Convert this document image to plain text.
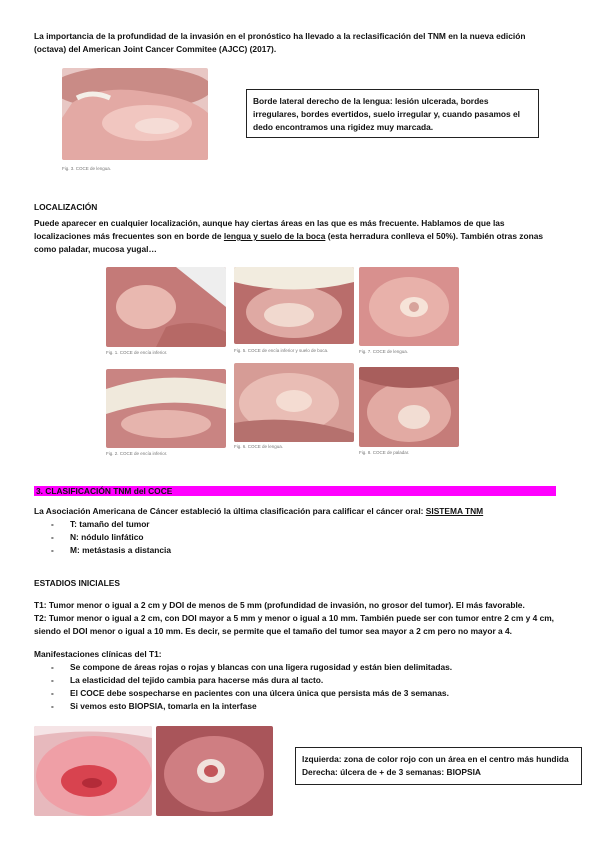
La importancia de la profundidad de la invasión en el pronóstico ha llevado a la reclasificación del TNM en la nueva edición (octava) del American Joint Cancer Commitee (AJCC) (2017).

Fig. 3. COCE de lengua.
Borde lateral derecho de la lengua: lesión ulcerada, bordes irregulares, bordes evertidos, suelo irregular y, cuando pasamos el dedo encontramos una rigidez muy marcada.

LOCALIZACIÓN

Puede aparecer en cualquier localización, aunque hay ciertas áreas en las que es más frecuente. Hablamos de que las localizaciones más frecuentes son en borde de lengua y suelo de la boca (esta herradura conlleva el 50%). También otras zonas como paladar, mucosa yugal…

Fig. 1. COCE de encía inferior.	Fig. 5. COCE de encía inferior y suelo de boca.	Fig. 7. COCE de lengua.
Fig. 2. COCE de encía inferior.
Fig. 6. COCE de lengua.
Fig. 8. COCE de paladar.
3. CLASIFICACIÓN TNM del COCE

La Asociación Americana de Cáncer estableció la última clasificación para calificar el cáncer oral: SISTEMA TNM

- T: tamaño del tumor
- N: nódulo linfático
- M: metástasis a distancia

ESTADIOS INICIALES

T1: Tumor menor o igual a 2 cm y DOI de menos de 5 mm (profundidad de invasión, no grosor del tumor). El más favorable.

T2: Tumor menor o igual a 2 cm, con DOI mayor a 5 mm y menor o igual a 10 mm. También puede ser con tumor entre 2 cm y 4 cm, siendo el DOI menor o igual a 10 mm. Es decir, se permite que el tamaño del tumor sea mayor a 2 cm pero no mayor a 4.

Manifestaciones clínicas del T1:

- Se compone de áreas rojas o rojas y blancas con una ligera rugosidad y están bien delimitadas.
- La elasticidad del tejido cambia para hacerse más dura al tacto.
- El COCE debe sospecharse en pacientes con una úlcera única que persista más de 3 semanas.
- Si vemos esto BIOPSIA, tomarla en la interfase

Izquierda: zona de color rojo con un área en el centro más hundida

Derecha: úlcera de + de 3 semanas: BIOPSIA
